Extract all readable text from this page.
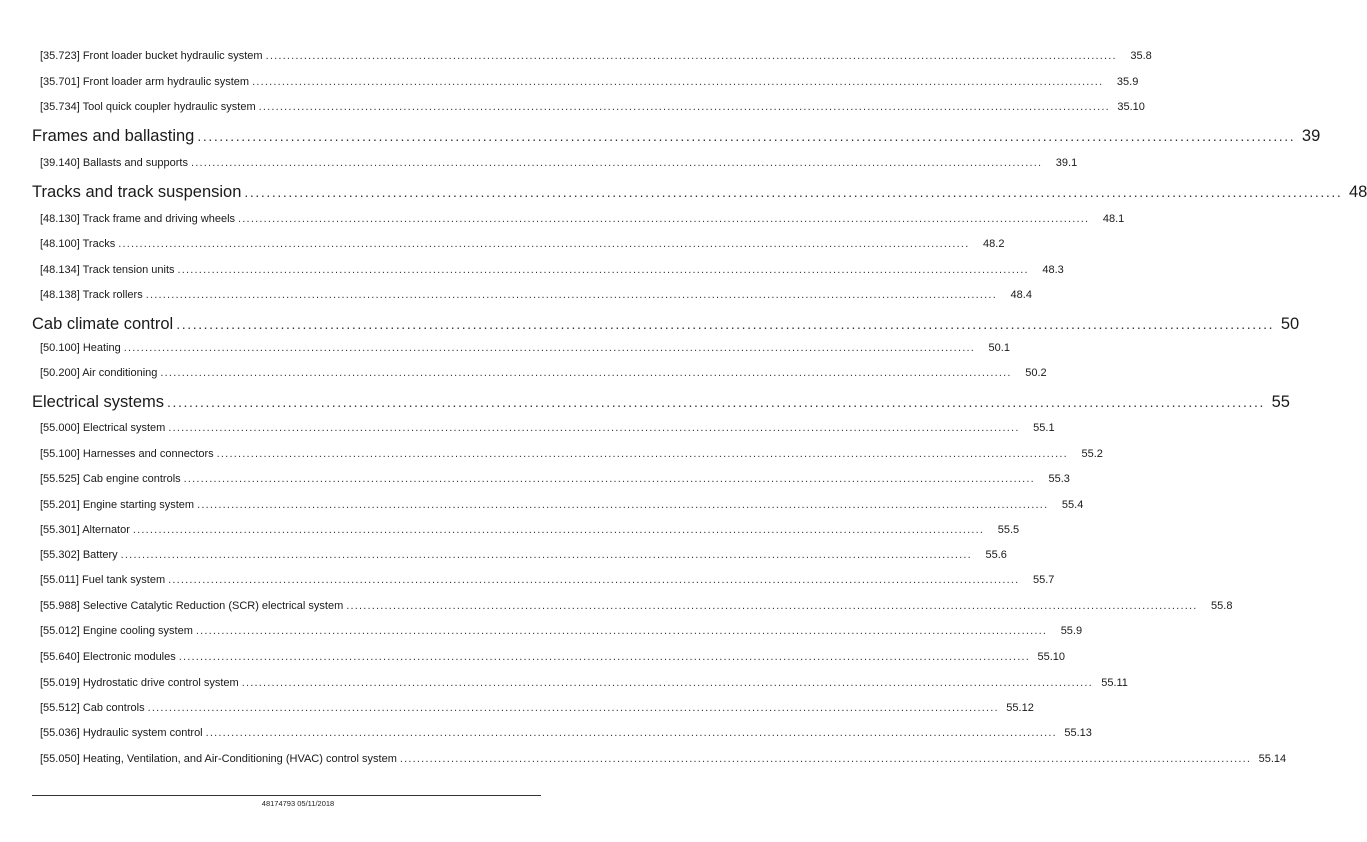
[35.723] Front loader bucket hydraulic system ........................................................................................................................................................................................................	35.8
[35.701] Front loader arm hydraulic system ........................................................................................................................................................................................................	35.9
[35.734] Tool quick coupler hydraulic system ........................................................................................................................................................................................................ 35.10
Frames and ballasting ........................................................................................................................................................................................................ 39
[39.140] Ballasts and supports ........................................................................................................................................................................................................	39.1
Tracks and track suspension ........................................................................................................................................................................................................ 48
[48.130] Track frame and driving wheels ........................................................................................................................................................................................................	48.1
[48.100] Tracks ........................................................................................................................................................................................................	48.2
[48.134] Track tension units ........................................................................................................................................................................................................	48.3
[48.138] Track rollers ........................................................................................................................................................................................................	48.4
Cab climate control ........................................................................................................................................................................................................ 50
[50.100] Heating ........................................................................................................................................................................................................	50.1
[50.200] Air conditioning ........................................................................................................................................................................................................	50.2
Electrical systems ........................................................................................................................................................................................................ 55
[55.000] Electrical system ........................................................................................................................................................................................................	55.1
[55.100] Harnesses and connectors ........................................................................................................................................................................................................	55.2
[55.525] Cab engine controls ........................................................................................................................................................................................................	55.3
[55.201] Engine starting system ........................................................................................................................................................................................................	55.4
[55.301] Alternator ........................................................................................................................................................................................................	55.5
[55.302] Battery ........................................................................................................................................................................................................	55.6
[55.011] Fuel tank system ........................................................................................................................................................................................................	55.7
[55.988] Selective Catalytic Reduction (SCR) electrical system ........................................................................................................................................................................................................	55.8
[55.012] Engine cooling system ........................................................................................................................................................................................................	55.9
[55.640] Electronic modules ........................................................................................................................................................................................................ 55.10
[55.019] Hydrostatic drive control system ........................................................................................................................................................................................................ 55.11
[55.512] Cab controls ........................................................................................................................................................................................................ 55.12
[55.036] Hydraulic system control ........................................................................................................................................................................................................ 55.13
[55.050] Heating, Ventilation, and Air-Conditioning (HVAC) control system ........................................................................................................................................................................................................ 55.14
48174793 05/11/2018
